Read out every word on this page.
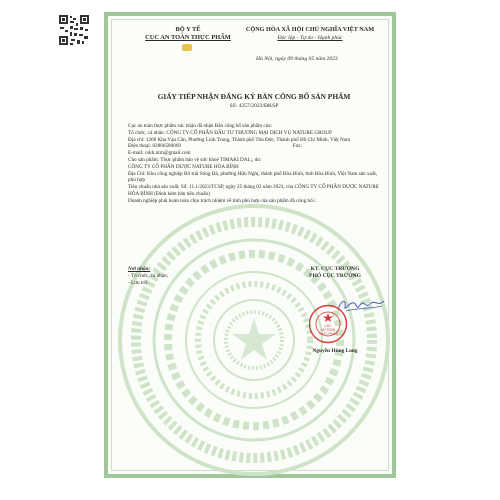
BỘ Y TẾ
CỤC AN TOÀN THỰC PHẨM
CỘNG HÒA XÃ HỘI CHỦ NGHĨA VIỆT NAM
Độc lập - Tự do - Hạnh phúc
Hà Nội, ngày 09 tháng 05 năm 2023
GIẤY TIẾP NHẬN ĐĂNG KÝ BẢN CÔNG BỐ SẢN PHẨM
Số: 4257/2023/ĐKSP

Cục an toàn thực phẩm xác nhận đã nhận Bản công bố sản phẩm của:

Tổ chức, cá nhân: CÔNG TY CỔ PHẦN ĐẦU TƯ THƯƠNG MẠI DỊCH VỤ NATURE GROUP

Địa chỉ: 1268 Kha Vạn Cân, Phường Linh Trung, Thành phố Thủ Đức, Thành phố Hồ Chí Minh, Việt Nam

Điện thoại: 02866580069	Fax:

E-mail: cskh.ntm@gmail.com

Cho sản phẩm: Thực phẩm bảo vệ sức khoẻ TIMAKI DAL;, do:

CÔNG TY CỔ PHẦN DƯỢC NATURE HÒA BÌNH

Địa Chỉ: Khu công nghiệp Bờ trái Sông Đà, phường Hữu Nghị, thành phố Hòa Bình, tỉnh Hòa Bình, Việt Nam sản xuất, phù hợp

Tiêu chuẩn nhà sản xuất, Số: 11.1/2023/TCSP, ngày 25 tháng 03 năm 2023, của CÔNG TY CỔ PHẦN DƯỢC NATURE HÒA BÌNH (Đính kèm bản tiêu chuẩn)

Doanh nghiệp phải hoàn toàn chịu trách nhiệm về tính phù hợp của sản phẩm đã công bố./.

Nơi nhận:
- Tổ chức, cá nhân;
- Lưu trữ.
KT. CỤC TRƯỞNG
PHÓ CỤC TRƯỞNG
CỤC
AN TOÀN
THỰC PHẨM
Nguyễn Hùng Long
